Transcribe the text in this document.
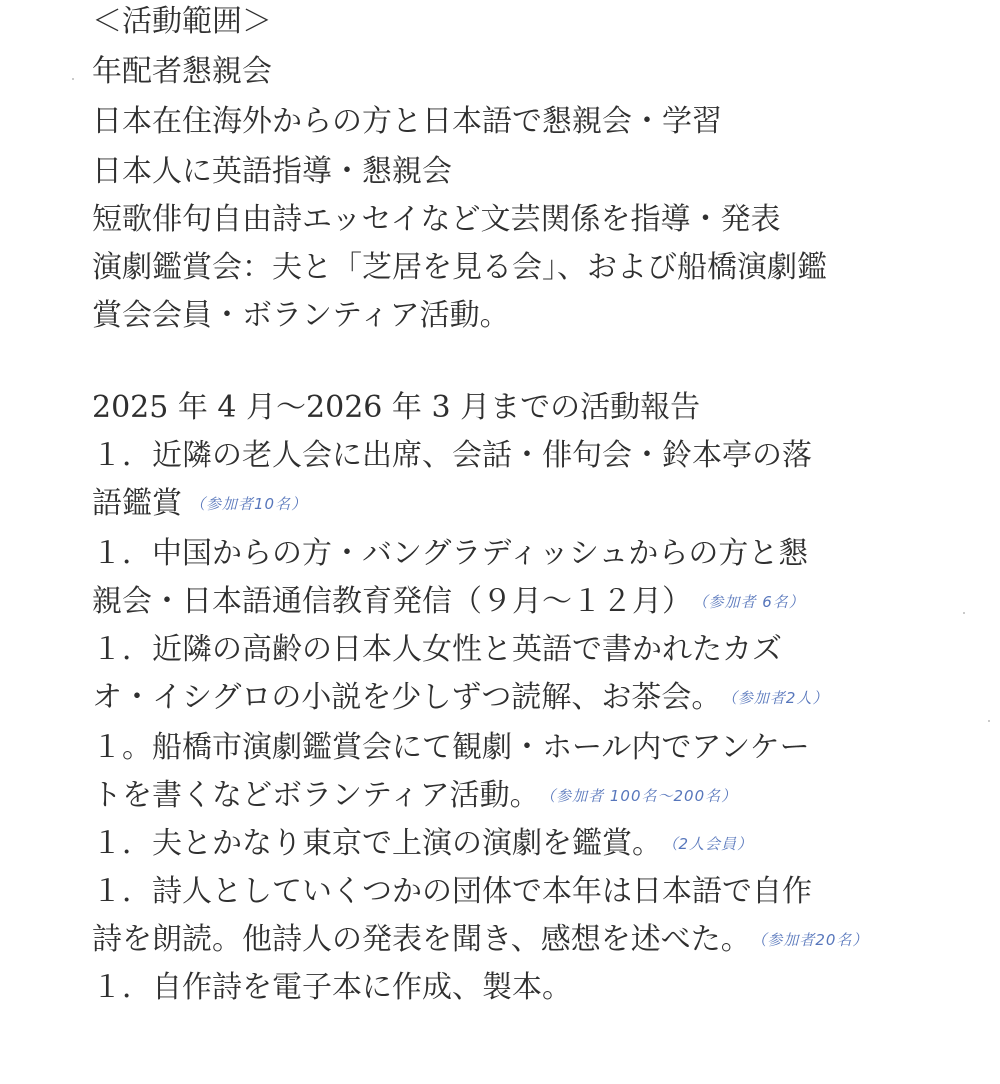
＜活動範囲＞
年配者懇親会
日本在住海外からの方と日本語で懇親会・学習
日本人に英語指導・懇親会
短歌俳句自由詩エッセイなど文芸関係を指導・発表
演劇鑑賞会：夫と「芝居を見る会」、および船橋演劇鑑
賞会会員・ボランティア活動。
2025 年 4 月～2026 年 3 月までの活動報告
１．近隣の老人会に出席、会話・俳句会・鈴本亭の落
語鑑賞 （参加者10名）
１．中国からの方・バングラディッシュからの方と懇
親会・日本語通信教育発信（９月～１２月） （参加者 6名）
１．近隣の高齢の日本人女性と英語で書かれたカズ
オ・イシグロの小説を少しずつ読解、お茶会。 （参加者2人）
１。船橋市演劇鑑賞会にて観劇・ホール内でアンケー
トを書くなどボランティア活動。 （参加者 100名～200名）
１．夫とかなり東京で上演の演劇を鑑賞。 （2人会員）
１．詩人としていくつかの団体で本年は日本語で自作
詩を朗読。他詩人の発表を聞き、感想を述べた。 （参加者20名）
１．自作詩を電子本に作成、製本。
